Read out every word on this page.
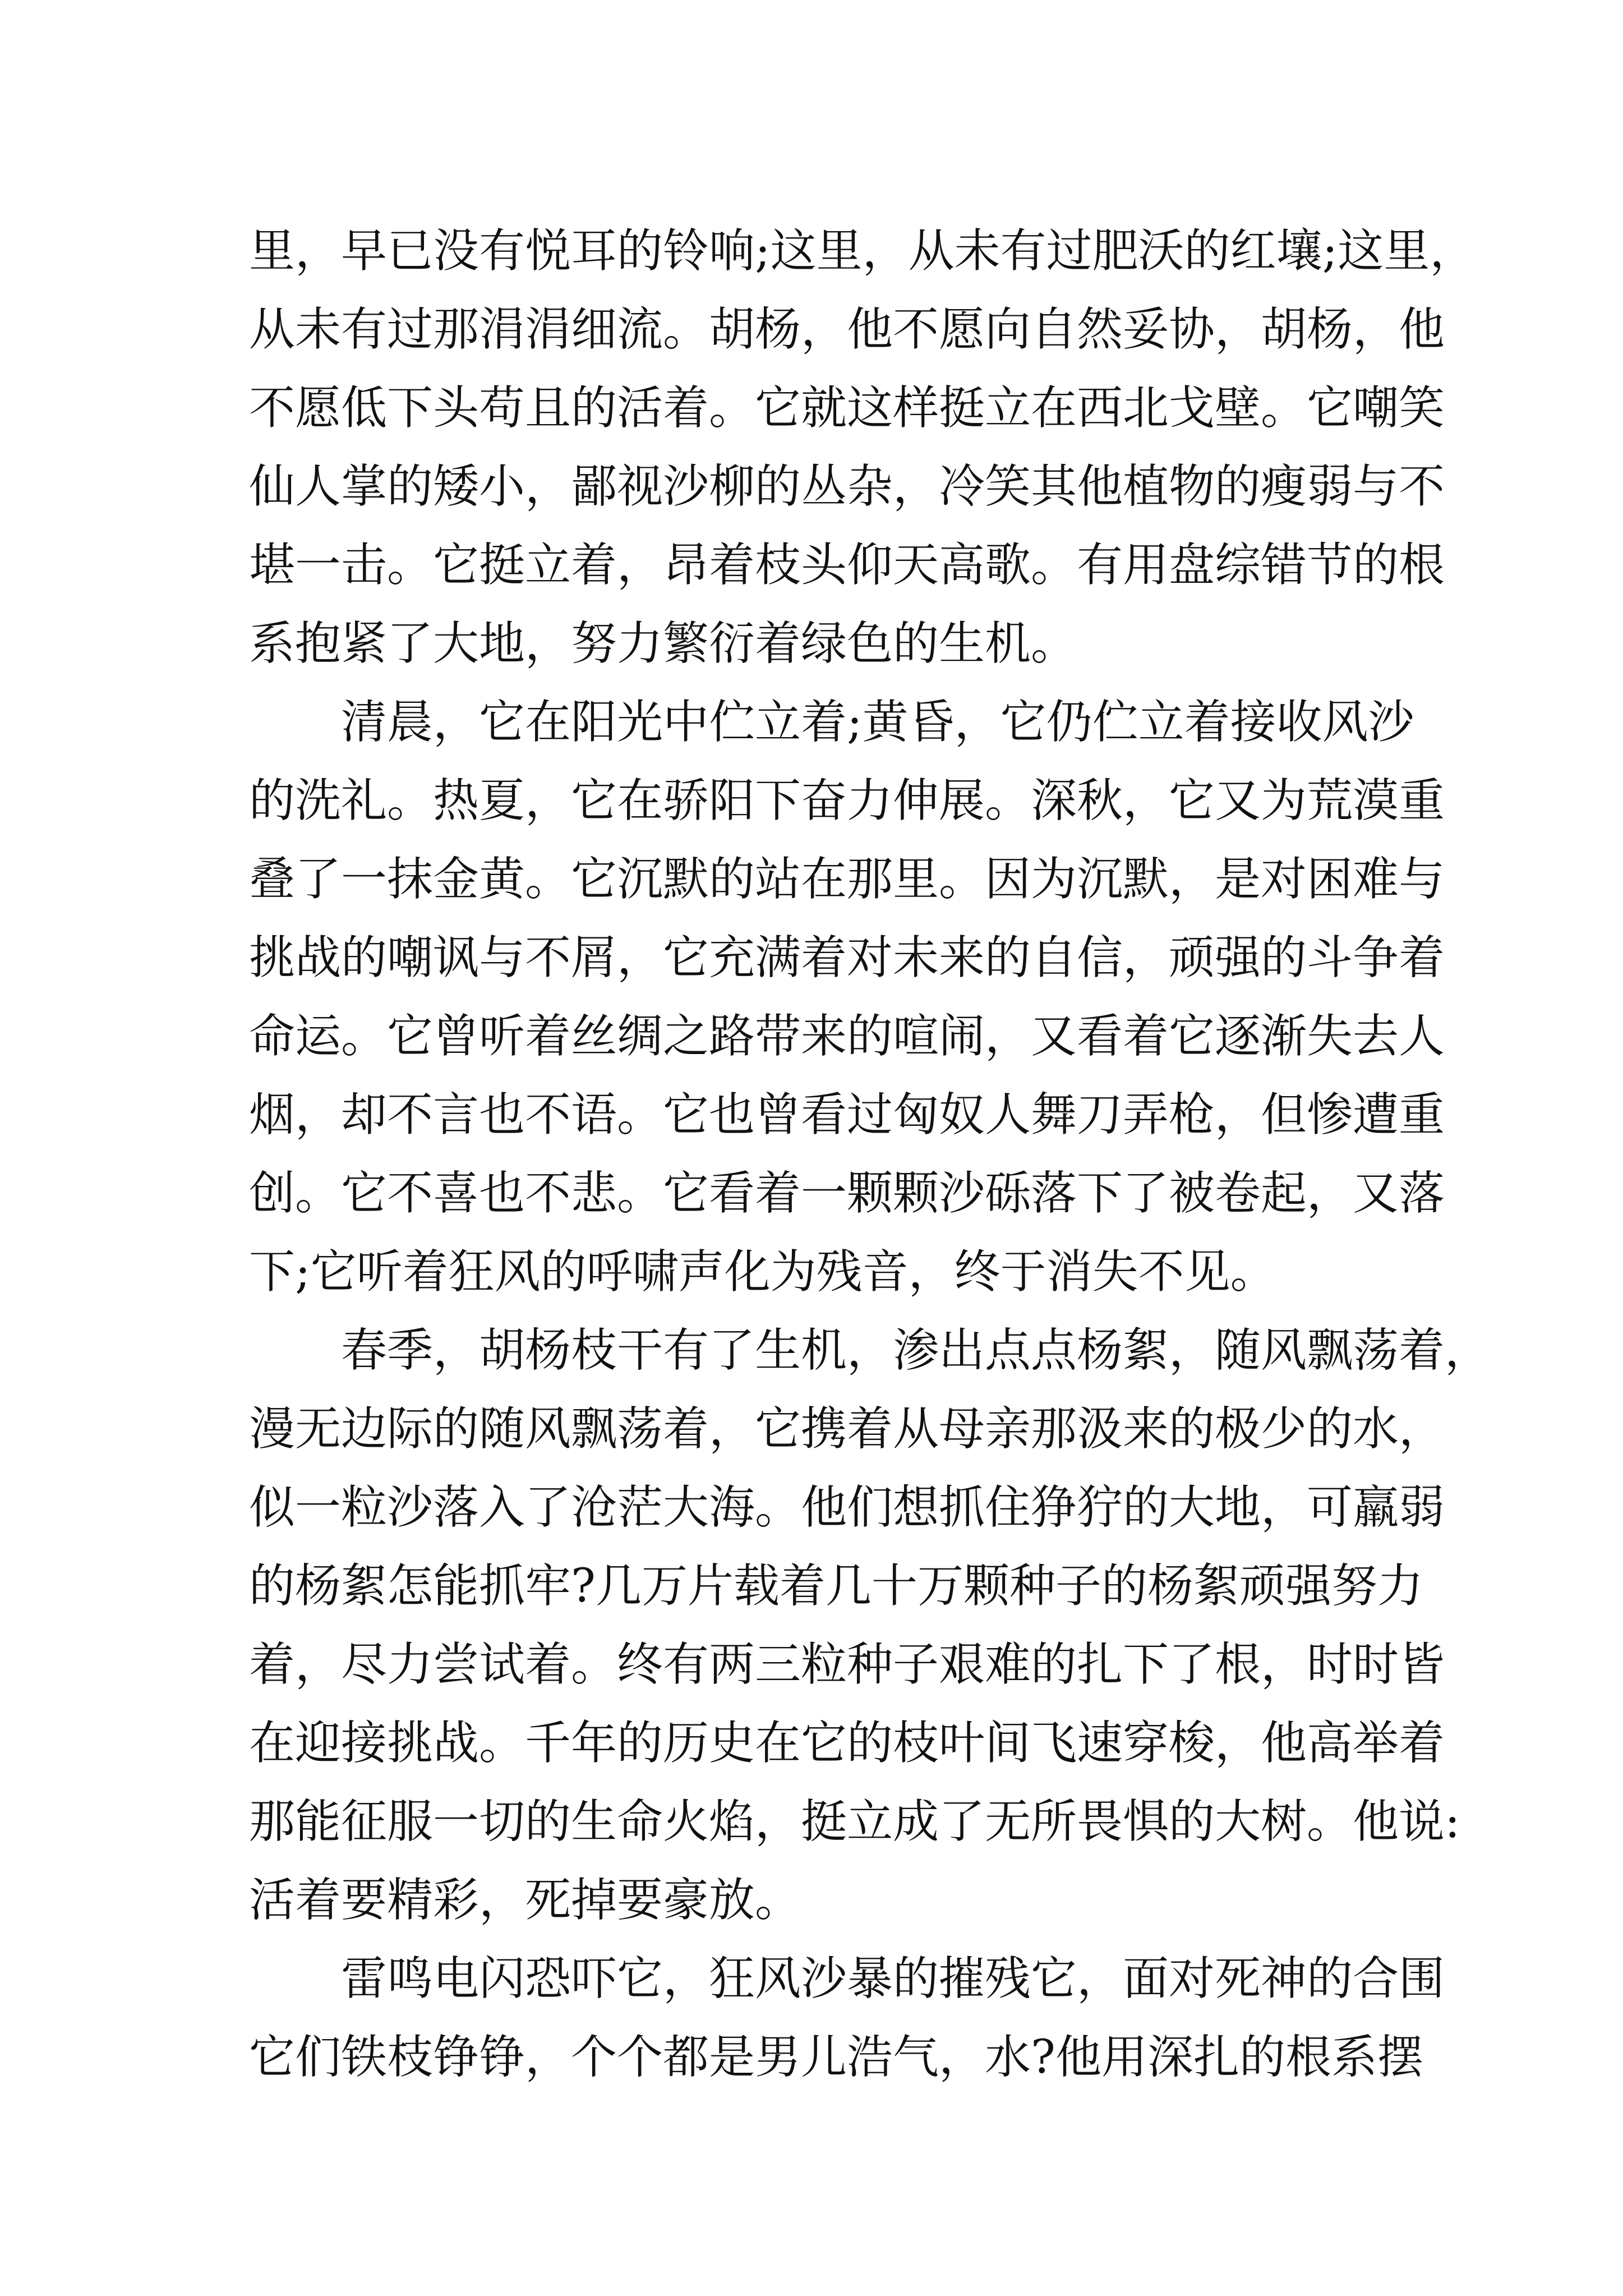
里，早已没有悦耳的铃响;这里，从未有过肥沃的红壤;这里，
从未有过那涓涓细流。胡杨，他不愿向自然妥协，胡杨，他
不愿低下头苟且的活着。它就这样挺立在西北戈壁。它嘲笑
仙人掌的矮小，鄙视沙柳的丛杂，冷笑其他植物的瘦弱与不
堪一击。它挺立着，昂着枝头仰天高歌。有用盘综错节的根
系抱紧了大地，努力繁衍着绿色的生机。
清晨，它在阳光中伫立着;黄昏，它仍伫立着接收风沙
的洗礼。热夏，它在骄阳下奋力伸展。深秋，它又为荒漠重
叠了一抹金黄。它沉默的站在那里。因为沉默，是对困难与
挑战的嘲讽与不屑，它充满着对未来的自信，顽强的斗争着
命运。它曾听着丝绸之路带来的喧闹，又看着它逐渐失去人
烟，却不言也不语。它也曾看过匈奴人舞刀弄枪，但惨遭重
创。它不喜也不悲。它看着一颗颗沙砾落下了被卷起，又落
下;它听着狂风的呼啸声化为残音，终于消失不见。
春季，胡杨枝干有了生机，渗出点点杨絮，随风飘荡着，
漫无边际的随风飘荡着，它携着从母亲那汲来的极少的水，
似一粒沙落入了沧茫大海。他们想抓住狰狞的大地，可羸弱
的杨絮怎能抓牢?几万片载着几十万颗种子的杨絮顽强努力
着，尽力尝试着。终有两三粒种子艰难的扎下了根，时时皆
在迎接挑战。千年的历史在它的枝叶间飞速穿梭，他高举着
那能征服一切的生命火焰，挺立成了无所畏惧的大树。他说:
活着要精彩，死掉要豪放。
雷鸣电闪恐吓它，狂风沙暴的摧残它，面对死神的合围
它们铁枝铮铮，个个都是男儿浩气，水?他用深扎的根系摆
